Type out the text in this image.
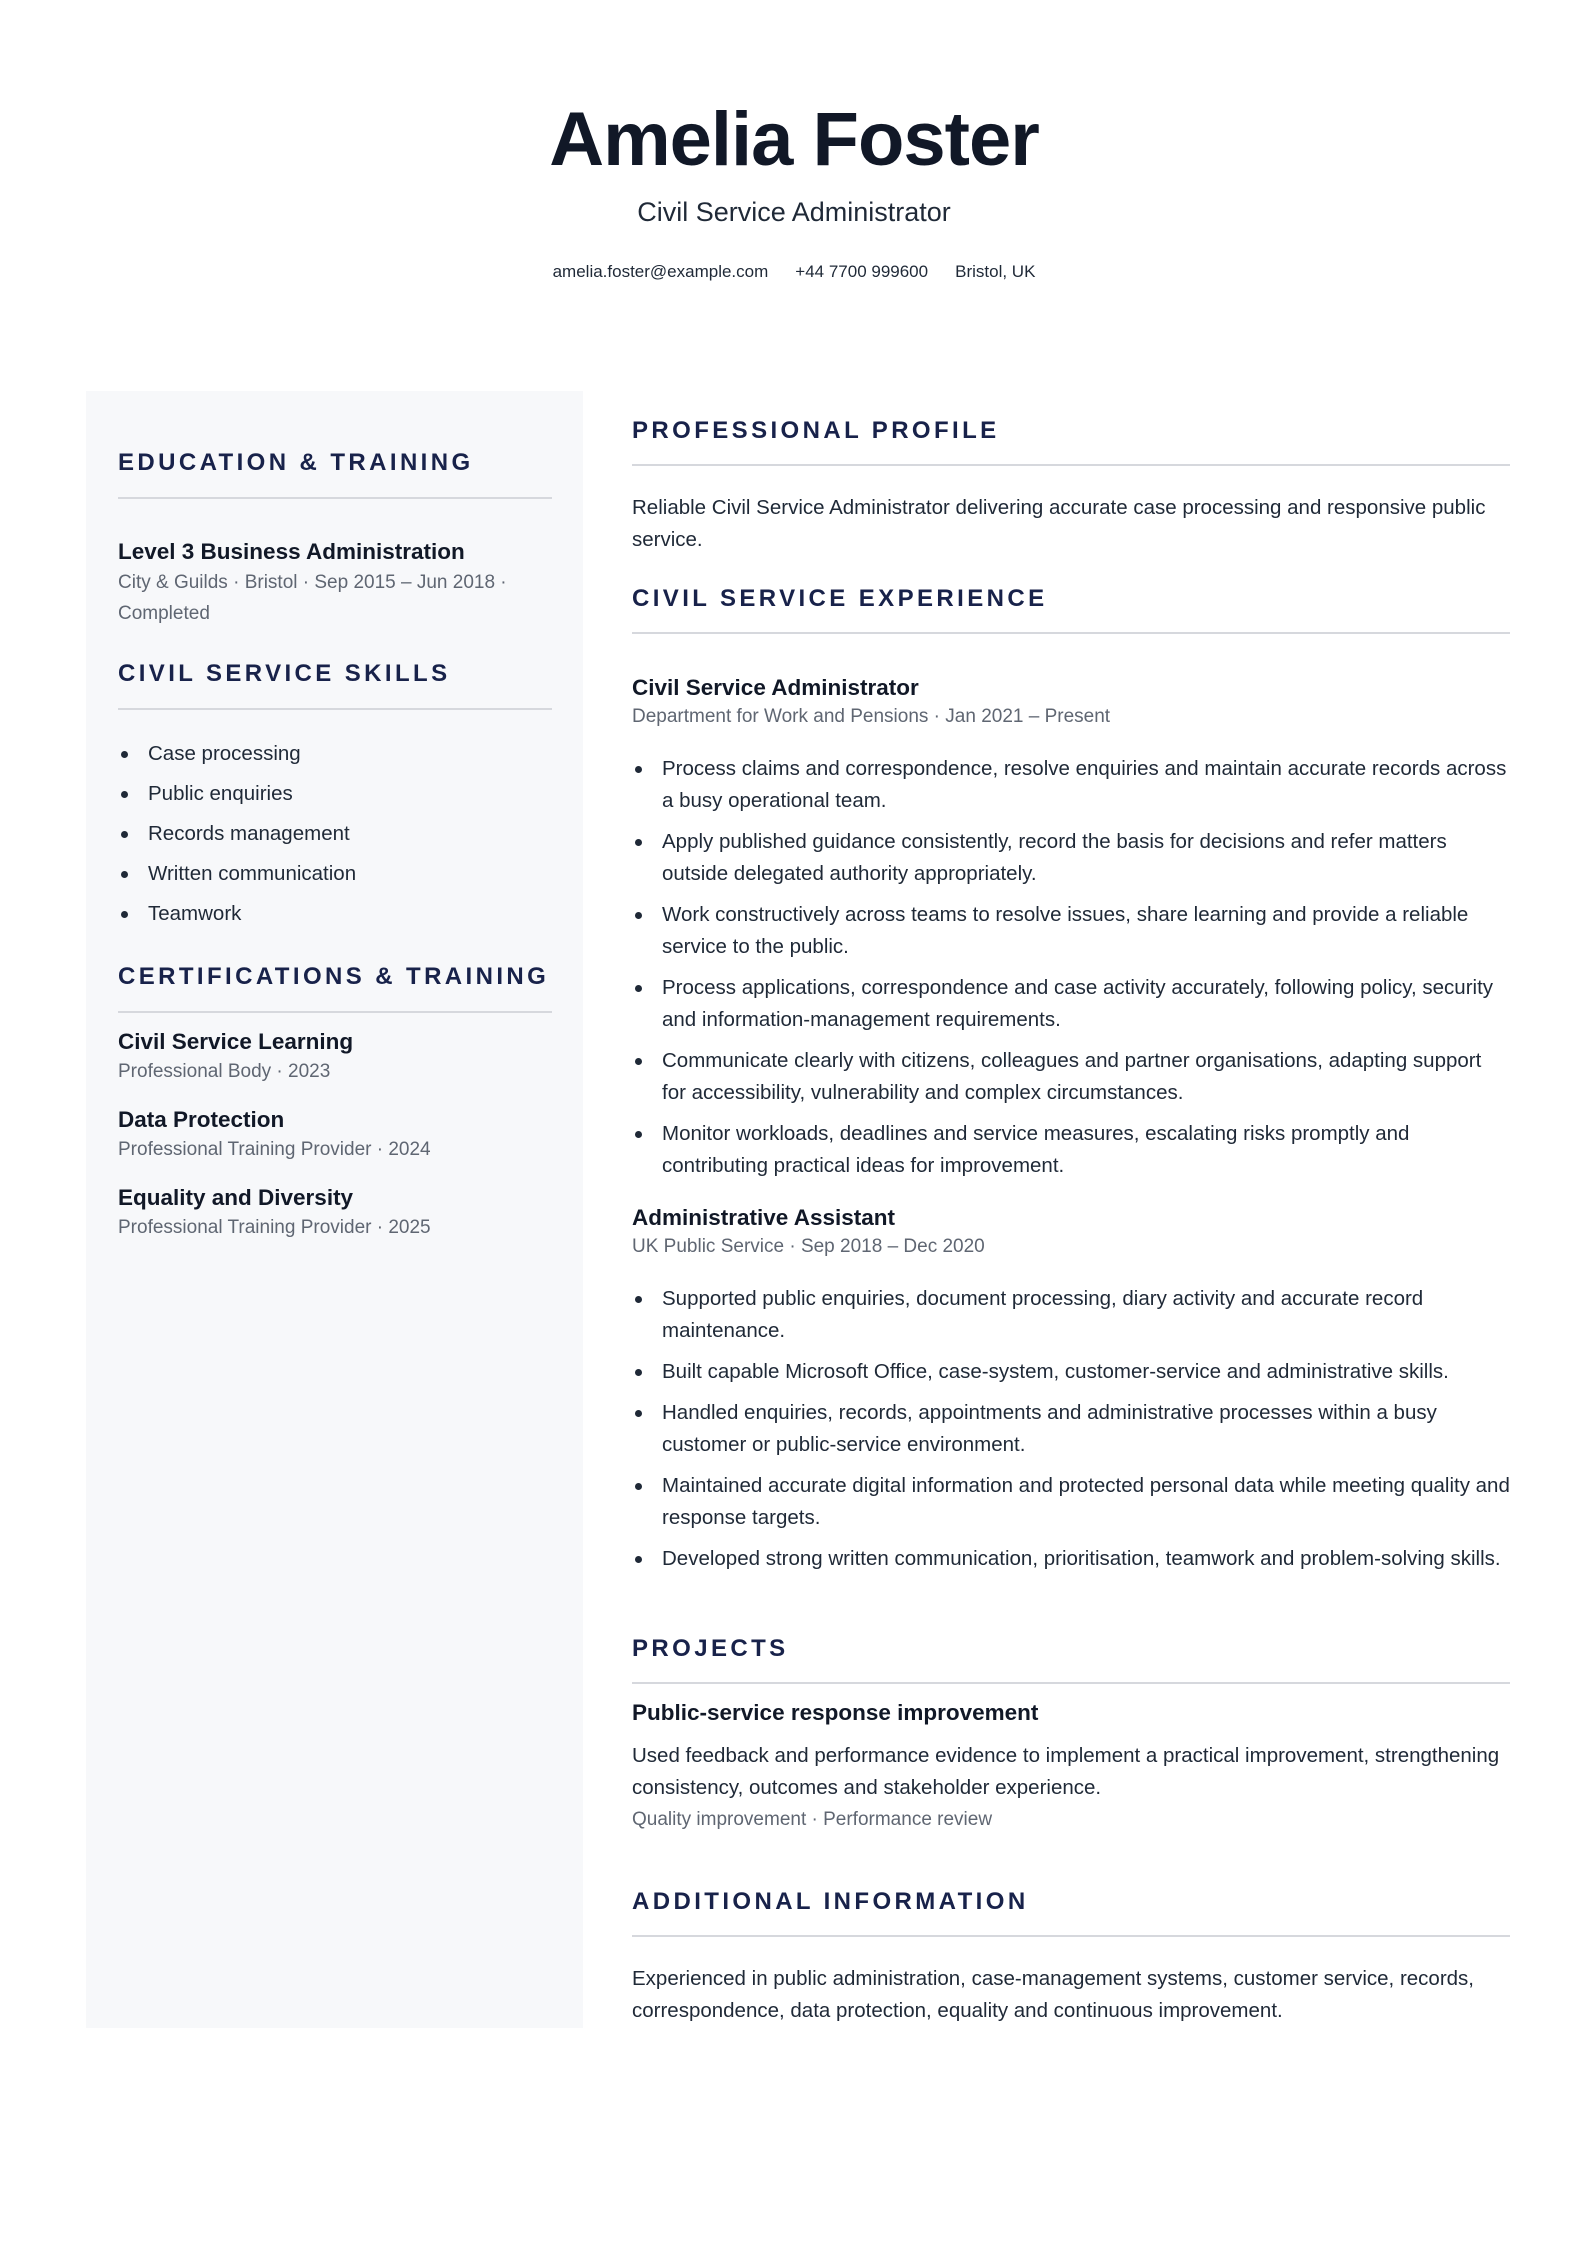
Amelia Foster
Civil Service Administrator
amelia.foster@example.com +44 7700 999600 Bristol, UK
EDUCATION & TRAINING
Level 3 Business Administration
City & Guilds · Bristol · Sep 2015 – Jun 2018 ·
Completed
CIVIL SERVICE SKILLS
Case processing
Public enquiries
Records management
Written communication
Teamwork
CERTIFICATIONS & TRAINING
Civil Service Learning
Professional Body · 2023
Data Protection
Professional Training Provider · 2024
Equality and Diversity
Professional Training Provider · 2025
PROFESSIONAL PROFILE
Reliable Civil Service Administrator delivering accurate case processing and responsive public service.
CIVIL SERVICE EXPERIENCE
Civil Service Administrator
Department for Work and Pensions · Jan 2021 – Present
Process claims and correspondence, resolve enquiries and maintain accurate records across a busy operational team.
Apply published guidance consistently, record the basis for decisions and refer matters outside delegated authority appropriately.
Work constructively across teams to resolve issues, share learning and provide a reliable service to the public.
Process applications, correspondence and case activity accurately, following policy, security and information-management requirements.
Communicate clearly with citizens, colleagues and partner organisations, adapting support for accessibility, vulnerability and complex circumstances.
Monitor workloads, deadlines and service measures, escalating risks promptly and contributing practical ideas for improvement.
Administrative Assistant
UK Public Service · Sep 2018 – Dec 2020
Supported public enquiries, document processing, diary activity and accurate record maintenance.
Built capable Microsoft Office, case-system, customer-service and administrative skills.
Handled enquiries, records, appointments and administrative processes within a busy customer or public-service environment.
Maintained accurate digital information and protected personal data while meeting quality and response targets.
Developed strong written communication, prioritisation, teamwork and problem-solving skills.
PROJECTS
Public-service response improvement
Used feedback and performance evidence to implement a practical improvement, strengthening consistency, outcomes and stakeholder experience.
Quality improvement · Performance review
ADDITIONAL INFORMATION
Experienced in public administration, case-management systems, customer service, records, correspondence, data protection, equality and continuous improvement.
